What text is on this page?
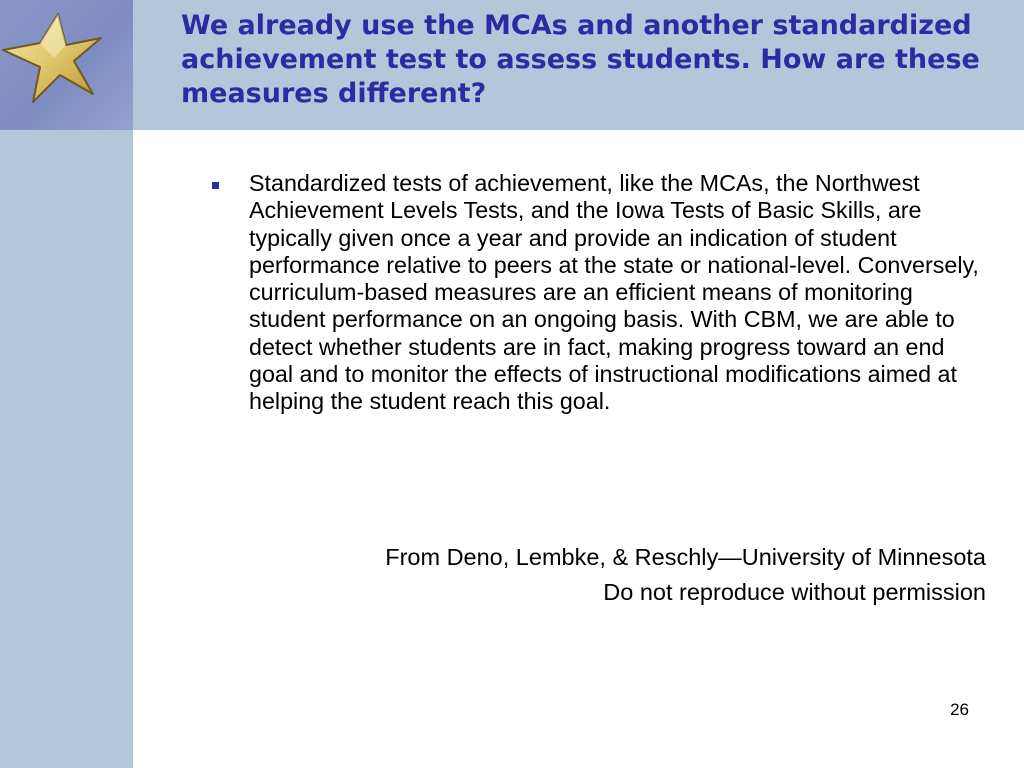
We already use the MCAs and another standardized achievement test to assess students. How are these measures different?

Standardized tests of achievement, like the MCAs, the Northwest Achievement Levels Tests, and the Iowa Tests of Basic Skills, are typically given once a year and provide an indication of student performance relative to peers at the state or national-level. Conversely, curriculum-based measures are an efficient means of monitoring student performance on an ongoing basis. With CBM, we are able to detect whether students are in fact, making progress toward an end goal and to monitor the effects of instructional modifications aimed at helping the student reach this goal.

From Deno, Lembke, & Reschly—University of Minnesota
Do not reproduce without permission
26
